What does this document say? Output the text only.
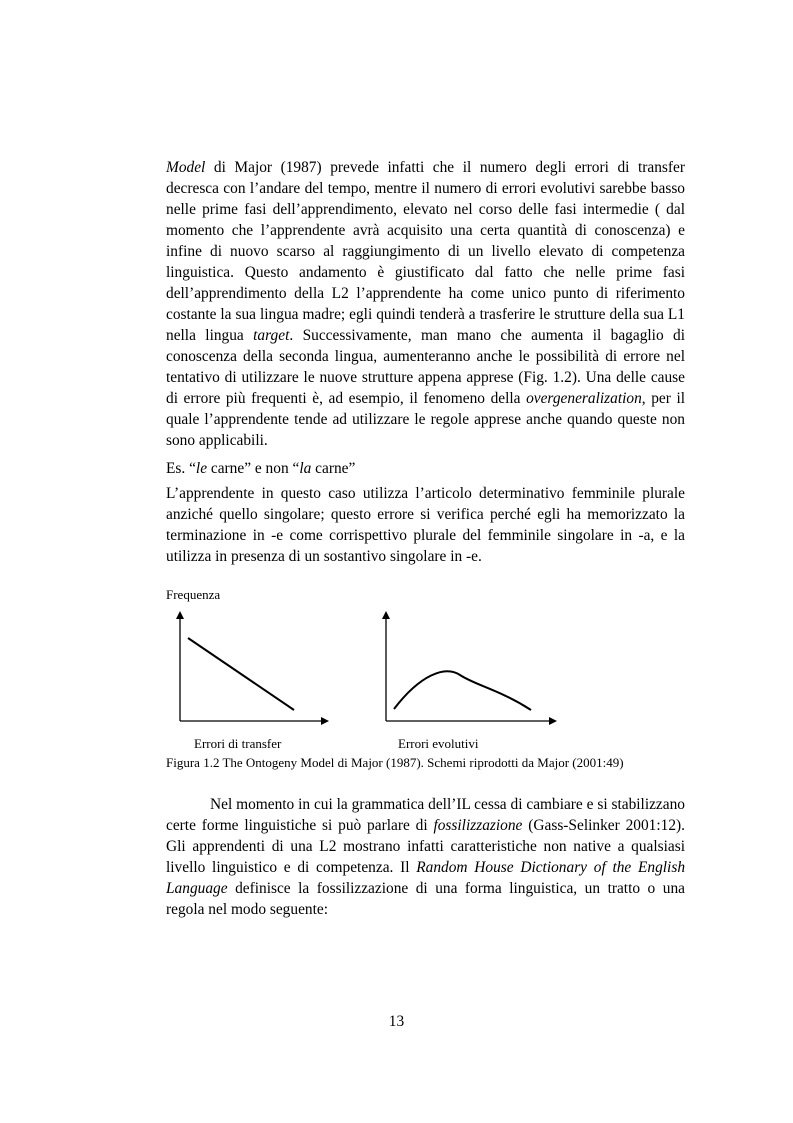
Model di Major (1987) prevede infatti che il numero degli errori di transfer decresca con l’andare del tempo, mentre il numero di errori evolutivi sarebbe basso nelle prime fasi dell’apprendimento, elevato nel corso delle fasi intermedie ( dal momento che l’apprendente avrà acquisito una certa quantità di conoscenza) e infine di nuovo scarso al raggiungimento di un livello elevato di competenza linguistica. Questo andamento è giustificato dal fatto che nelle prime fasi dell’apprendimento della L2 l’apprendente ha come unico punto di riferimento costante la sua lingua madre; egli quindi tenderà a trasferire le strutture della sua L1 nella lingua target. Successivamente, man mano che aumenta il bagaglio di conoscenza della seconda lingua, aumenteranno anche le possibilità di errore nel tentativo di utilizzare le nuove strutture appena apprese (Fig. 1.2). Una delle cause di errore più frequenti è, ad esempio, il fenomeno della overgeneralization, per il quale l’apprendente tende ad utilizzare le regole apprese anche quando queste non sono applicabili.

Es. “le carne” e non “la carne”

L’apprendente in questo caso utilizza l’articolo determinativo femminile plurale anziché quello singolare; questo errore si verifica perché egli ha memorizzato la terminazione in -e come corrispettivo plurale del femminile singolare in -a, e la utilizza in presenza di un sostantivo singolare in -e.

Frequenza

Errori di transfer	Errori evolutivi

Figura 1.2 The Ontogeny Model di Major (1987). Schemi riprodotti da Major (2001:49)

Nel momento in cui la grammatica dell’IL cessa di cambiare e si stabilizzano certe forme linguistiche si può parlare di fossilizzazione (Gass-Selinker 2001:12). Gli apprendenti di una L2 mostrano infatti caratteristiche non native a qualsiasi livello linguistico e di competenza. Il Random House Dictionary of the English Language definisce la fossilizzazione di una forma linguistica, un tratto o una regola nel modo seguente:

13
